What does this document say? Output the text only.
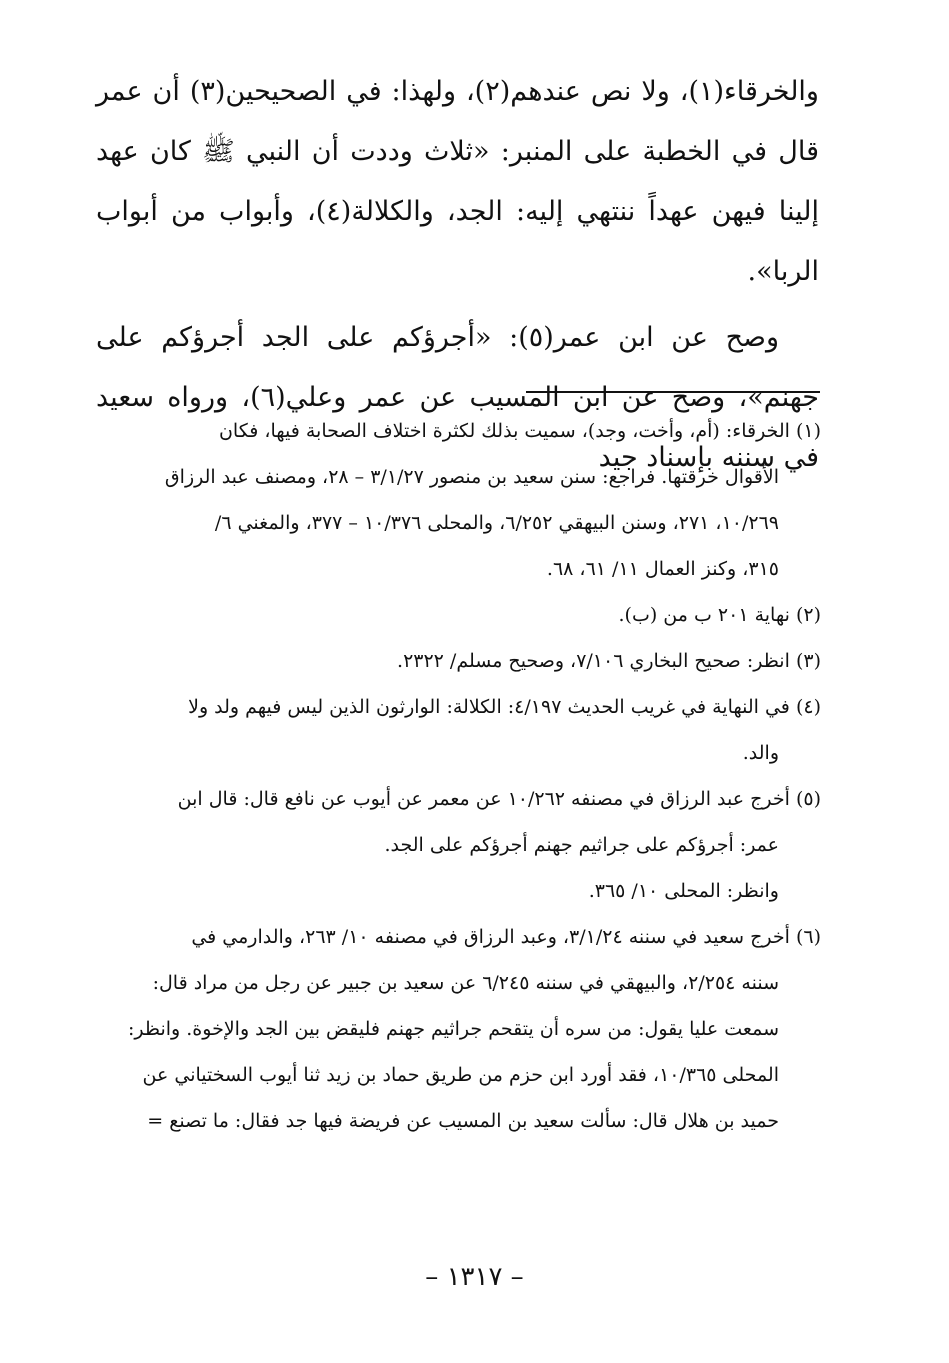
والخرقاء(١)، ولا نص عندهم(٢)، ولهذا: في الصحيحين(٣) أن عمر قال في الخطبة على المنبر: «ثلاث وددت أن النبي ﷺ كان عهد إلينا فيهن عهداً ننتهي إليه: الجد، والكلالة(٤)، وأبواب من أبواب الربا».

وصح عن ابن عمر(٥): «أجرؤكم على الجد أجرؤكم على جهنم»، وصح عن ابن المسيب عن عمر وعلي(٦)، ورواه سعيد في سننه بإسناد جيد

(١) الخرقاء: (أم، وأخت، وجد)، سميت بذلك لكثرة اختلاف الصحابة فيها، فكان
الأقوال خرقتها. فراجع: سنن سعيد بن منصور ٣/١/٢٧ – ٢٨، ومصنف عبد الرزاق
١٠/٢٦٩، ٢٧١، وسنن البيهقي ٦/٢٥٢، والمحلى ١٠/٣٧٦ – ٣٧٧، والمغني ٦/
٣١٥، وكنز العمال ١١/ ٦١، ٦٨.
(٢) نهاية ٢٠١ ب من (ب).
(٣) انظر: صحيح البخاري ٧/١٠٦، وصحيح مسلم/ ٢٣٢٢.
(٤) في النهاية في غريب الحديث ٤/١٩٧: الكلالة: الوارثون الذين ليس فيهم ولد ولا
والد.
(٥) أخرج عبد الرزاق في مصنفه ١٠/٢٦٢ عن معمر عن أيوب عن نافع قال: قال ابن
عمر: أجرؤكم على جراثيم جهنم أجرؤكم على الجد.
وانظر: المحلى ١٠/ ٣٦٥.
(٦) أخرج سعيد في سننه ٣/١/٢٤، وعبد الرزاق في مصنفه ١٠/ ٢٦٣، والدارمي في
سننه ٢/٢٥٤، والبيهقي في سننه ٦/٢٤٥ عن سعيد بن جبير عن رجل من مراد قال:
سمعت عليا يقول: من سره أن يتقحم جراثيم جهنم فليقض بين الجد والإخوة. وانظر:
المحلى ١٠/٣٦٥، فقد أورد ابن حزم من طريق حماد بن زيد ثنا أيوب السختياني عن
حميد بن هلال قال: سألت سعيد بن المسيب عن فريضة فيها جد فقال: ما تصنع =
– ١٣١٧ –
